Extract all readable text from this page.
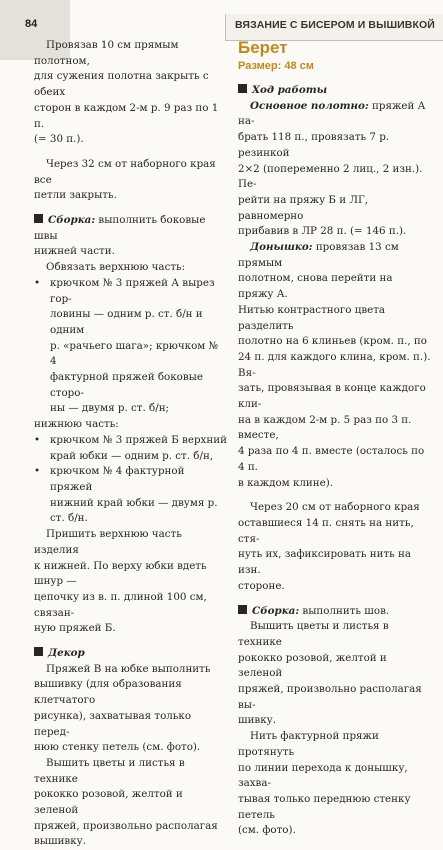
84	ВЯЗАНИЕ С БИСЕРОМ И ВЫШИВКОЙ

Провязав 10 см прямым полотном,
для сужения полотна закрыть с обеих
сторон в каждом 2-м р. 9 раз по 1 п.
(= 30 п.).

Через 32 см от наборного края все
петли закрыть.

Сборка: выполнить боковые швы
нижней части.

Обвязать верхнюю часть:

• крючком № 3 пряжей А вырез гор-
ловины — одним р. ст. б/н и одним
р. «рачьего шага»; крючком № 4
фактурной пряжей боковые сторо-
ны — двумя р. ст. б/н;

нижнюю часть:

• крючком № 3 пряжей Б верхний
край юбки — одним р. ст. б/н,
• крючком № 4 фактурной пряжей
нижний край юбки — двумя р. ст. б/н.

Пришить верхнюю часть изделия
к нижней. По верху юбки вдеть шнур —
цепочку из в. п. длиной 100 см, связан-
ную пряжей Б.

Декор

Пряжей В на юбке выполнить
вышивку (для образования клетчатого
рисунка), захватывая только перед-
нюю стенку петель (см. фото).

Вышить цветы и листья в технике
рококко розовой, желтой и зеленой
пряжей, произвольно располагая вышивку.

Берет

Размер: 48 см

Ход работы

Основное полотно: пряжей А на-
брать 118 п., провязать 7 р. резинкой
2×2 (попеременно 2 лиц., 2 изн.). Пе-
рейти на пряжу Б и ЛГ, равномерно
прибавив в ЛР 28 п. (= 146 п.).

Донышко: провязав 13 см прямым
полотном, снова перейти на пряжу А.
Нитью контрастного цвета разделить
полотно на 6 клиньев (кром. п., по
24 п. для каждого клина, кром. п.). Вя-
зать, провязывая в конце каждого кли-
на в каждом 2-м р. 5 раз по 3 п. вместе,
4 раза по 4 п. вместе (осталось по 4 п.
в каждом клине).

Через 20 см от наборного края
оставшиеся 14 п. снять на нить, стя-
нуть их, зафиксировать нить на изн.
стороне.

Сборка: выполнить шов.

Вышить цветы и листья в технике
рококко розовой, желтой и зеленой
пряжей, произвольно располагая вы-
шивку.

Нить фактурной пряжи протянуть
по линии перехода к донышку, захва-
тывая только переднюю стенку петель
(см. фото).
